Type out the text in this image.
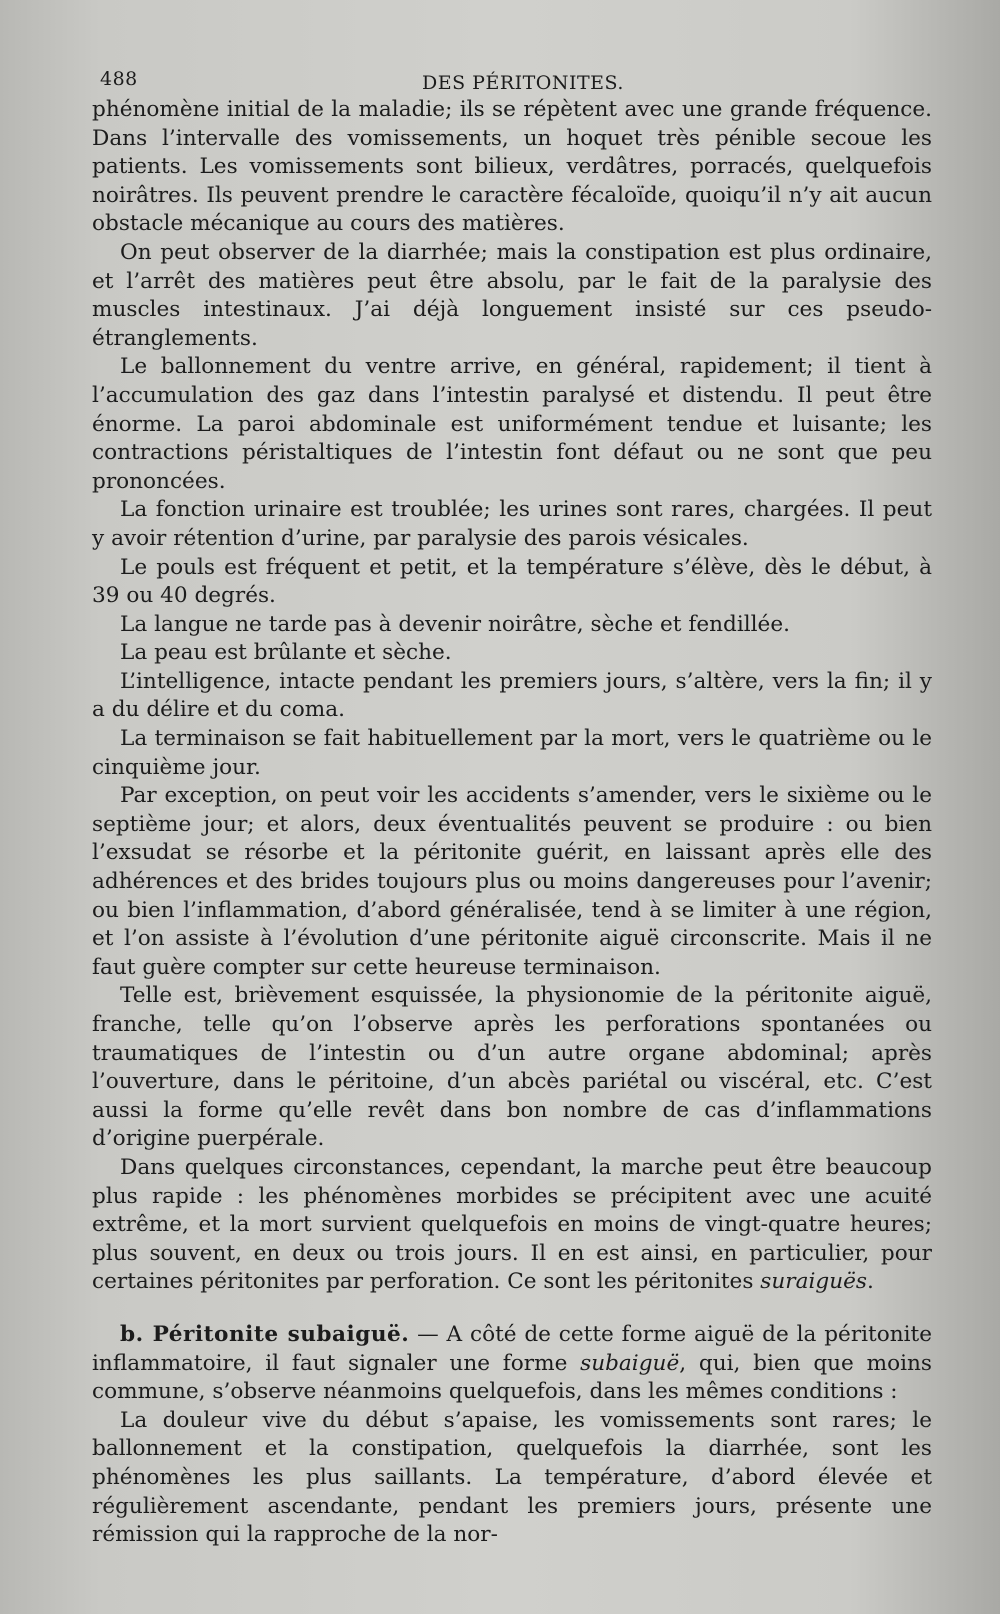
488	DES PÉRITONITES.

phénomène initial de la maladie; ils se répètent avec une grande fréquence. Dans l’intervalle des vomissements, un hoquet très pénible secoue les patients. Les vomissements sont bilieux, verdâtres, porracés, quelquefois noirâtres. Ils peuvent prendre le caractère fécaloïde, quoiqu’il n’y ait aucun obstacle mécanique au cours des matières.

On peut observer de la diarrhée; mais la constipation est plus ordinaire, et l’arrêt des matières peut être absolu, par le fait de la paralysie des muscles intestinaux. J’ai déjà longuement insisté sur ces pseudo-étranglements.

Le ballonnement du ventre arrive, en général, rapidement; il tient à l’accumulation des gaz dans l’intestin paralysé et distendu. Il peut être énorme. La paroi abdominale est uniformément tendue et luisante; les contractions péristaltiques de l’intestin font défaut ou ne sont que peu prononcées.

La fonction urinaire est troublée; les urines sont rares, chargées. Il peut y avoir rétention d’urine, par paralysie des parois vésicales.

Le pouls est fréquent et petit, et la température s’élève, dès le début, à 39 ou 40 degrés.

La langue ne tarde pas à devenir noirâtre, sèche et fendillée.

La peau est brûlante et sèche.

L’intelligence, intacte pendant les premiers jours, s’altère, vers la fin; il y a du délire et du coma.

La terminaison se fait habituellement par la mort, vers le quatrième ou le cinquième jour.

Par exception, on peut voir les accidents s’amender, vers le sixième ou le septième jour; et alors, deux éventualités peuvent se produire : ou bien l’exsudat se résorbe et la péritonite guérit, en laissant après elle des adhérences et des brides toujours plus ou moins dangereuses pour l’avenir; ou bien l’inflammation, d’abord généralisée, tend à se limiter à une région, et l’on assiste à l’évolution d’une péritonite aiguë circonscrite. Mais il ne faut guère compter sur cette heureuse terminaison.

Telle est, brièvement esquissée, la physionomie de la péritonite aiguë, franche, telle qu’on l’observe après les perforations spontanées ou traumatiques de l’intestin ou d’un autre organe abdominal; après l’ouverture, dans le péritoine, d’un abcès pariétal ou viscéral, etc. C’est aussi la forme qu’elle revêt dans bon nombre de cas d’inflammations d’origine puerpérale.

Dans quelques circonstances, cependant, la marche peut être beaucoup plus rapide : les phénomènes morbides se précipitent avec une acuité extrême, et la mort survient quelquefois en moins de vingt-quatre heures; plus souvent, en deux ou trois jours. Il en est ainsi, en particulier, pour certaines péritonites par perforation. Ce sont les péritonites suraiguës.

b. Péritonite subaiguë. — A côté de cette forme aiguë de la péritonite inflammatoire, il faut signaler une forme subaiguë, qui, bien que moins commune, s’observe néanmoins quelquefois, dans les mêmes conditions :

La douleur vive du début s’apaise, les vomissements sont rares; le ballonnement et la constipation, quelquefois la diarrhée, sont les phénomènes les plus saillants. La température, d’abord élevée et régulièrement ascendante, pendant les premiers jours, présente une rémission qui la rapproche de la nor-
